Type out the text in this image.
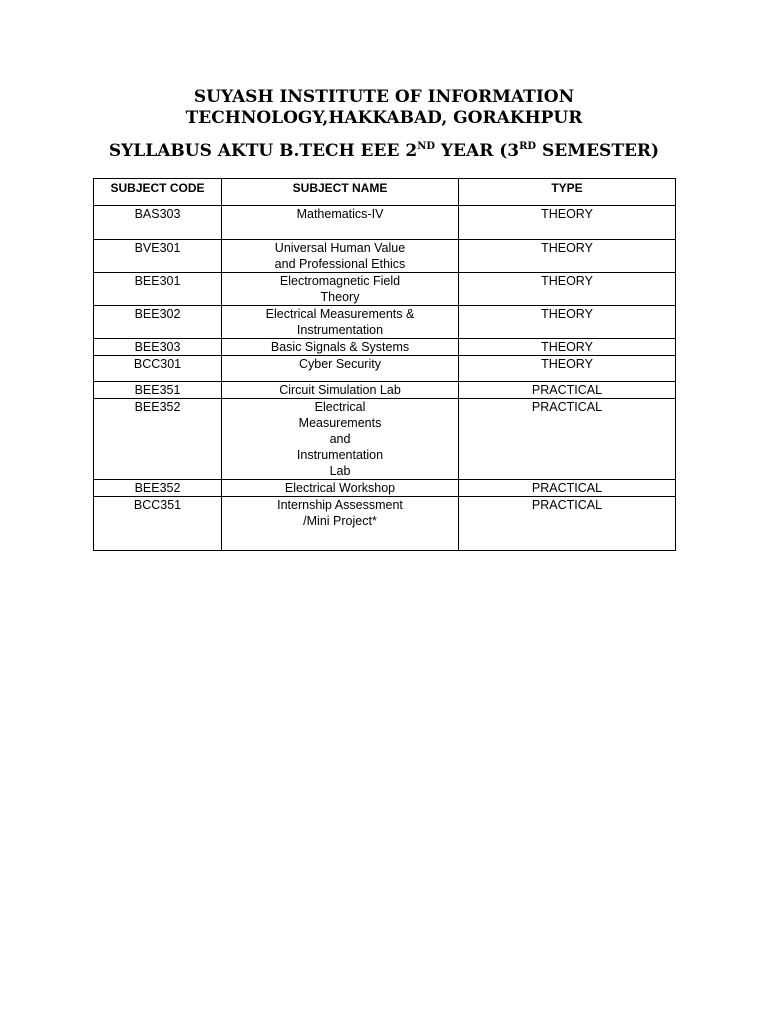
SUYASH INSTITUTE OF INFORMATION
TECHNOLOGY,HAKKABAD, GORAKHPUR
SYLLABUS AKTU B.TECH EEE 2ND YEAR (3RD SEMESTER)
SUBJECT CODE	SUBJECT NAME	TYPE
BAS303	Mathematics-IV	THEORY
BVE301	Universal Human Value and Professional Ethics	THEORY
BEE301	Electromagnetic Field Theory	THEORY
BEE302	Electrical Measurements & Instrumentation	THEORY
BEE303	Basic Signals & Systems	THEORY
BCC301	Cyber Security	THEORY
BEE351	Circuit Simulation Lab	PRACTICAL
BEE352	Electrical Measurements and Instrumentation Lab	PRACTICAL
BEE352	Electrical Workshop	PRACTICAL
BCC351	Internship Assessment /Mini Project*	PRACTICAL
